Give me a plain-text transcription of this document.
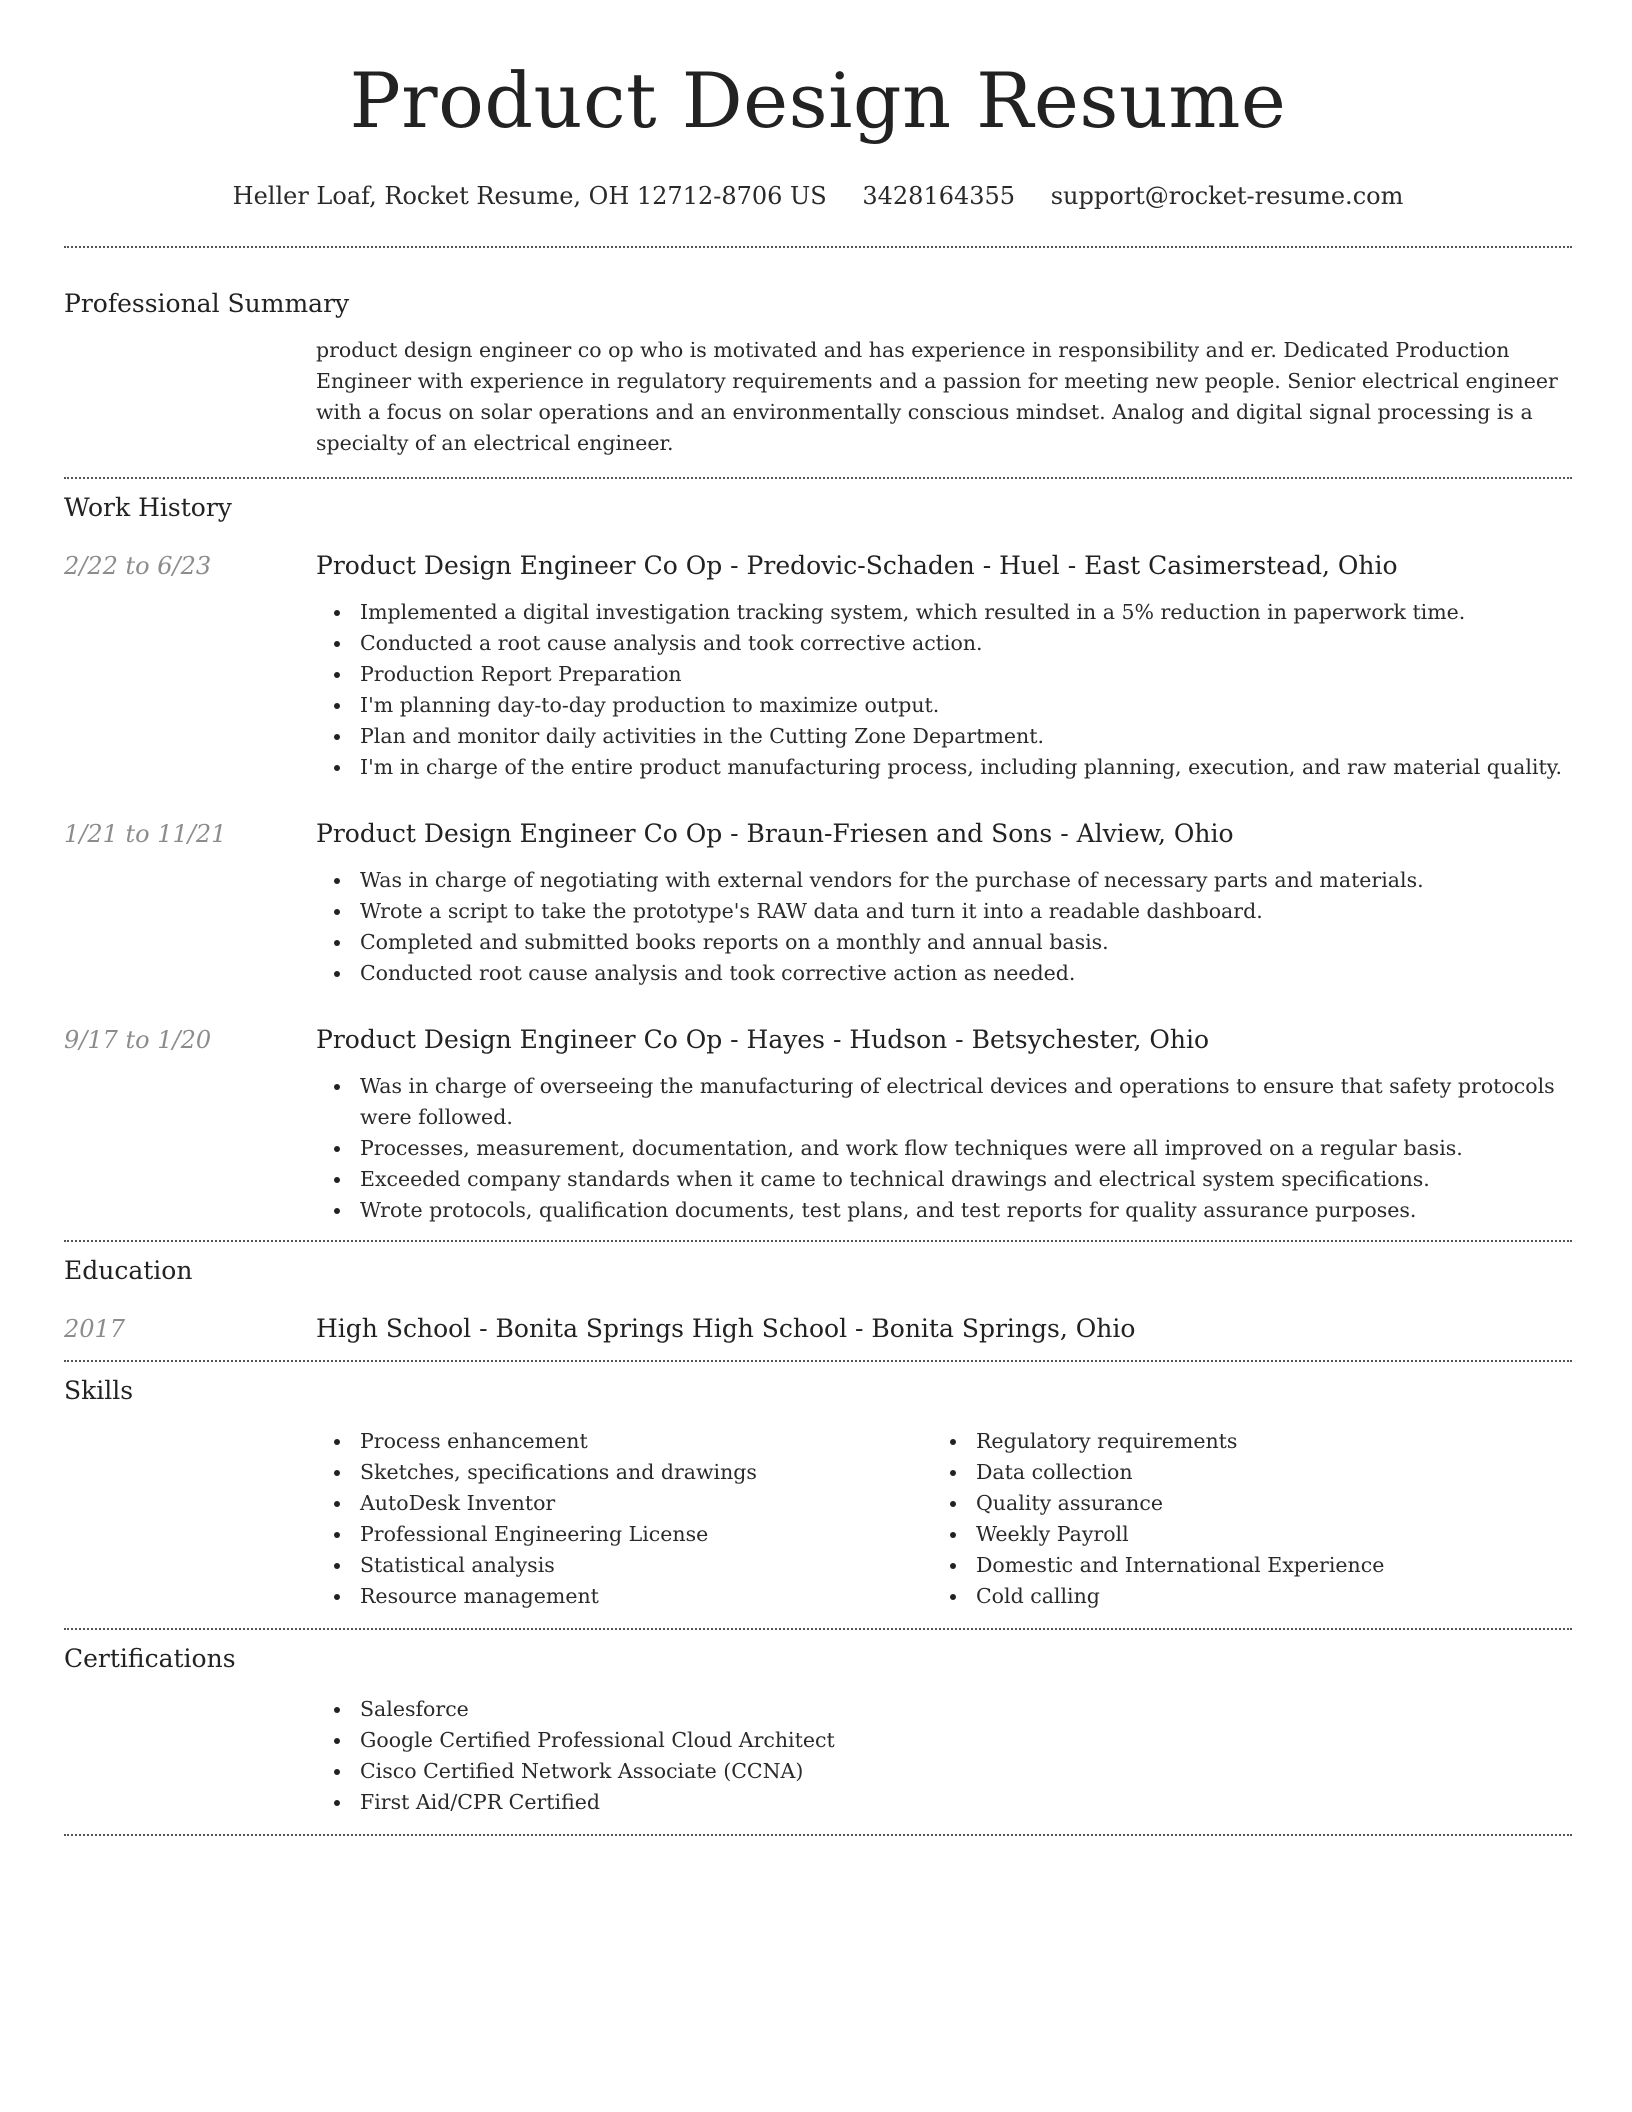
Product Design Resume
Heller Loaf, Rocket Resume, OH 12712-8706 US 3428164355 support@rocket-resume.com
Professional Summary

product design engineer co op who is motivated and has experience in responsibility and er. Dedicated Production Engineer with experience in regulatory requirements and a passion for meeting new people. Senior electrical engineer with a focus on solar operations and an environmentally conscious mindset. Analog and digital signal processing is a specialty of an electrical engineer.

Work History
2/22 to 6/23	Product Design Engineer Co Op - Predovic-Schaden - Huel - East Casimerstead, Ohio
Implemented a digital investigation tracking system, which resulted in a 5% reduction in paperwork time.
Conducted a root cause analysis and took corrective action.
Production Report Preparation
I'm planning day-to-day production to maximize output.
Plan and monitor daily activities in the Cutting Zone Department.
I'm in charge of the entire product manufacturing process, including planning, execution, and raw material quality.
1/21 to 11/21	Product Design Engineer Co Op - Braun-Friesen and Sons - Alview, Ohio
Was in charge of negotiating with external vendors for the purchase of necessary parts and materials.
Wrote a script to take the prototype's RAW data and turn it into a readable dashboard.
Completed and submitted books reports on a monthly and annual basis.
Conducted root cause analysis and took corrective action as needed.
9/17 to 1/20	Product Design Engineer Co Op - Hayes - Hudson - Betsychester, Ohio
Was in charge of overseeing the manufacturing of electrical devices and operations to ensure that safety protocols were followed.
Processes, measurement, documentation, and work flow techniques were all improved on a regular basis.
Exceeded company standards when it came to technical drawings and electrical system specifications.
Wrote protocols, qualification documents, test plans, and test reports for quality assurance purposes.
Education
2017	High School - Bonita Springs High School - Bonita Springs, Ohio
Skills
Process enhancement
Sketches, specifications and drawings
AutoDesk Inventor
Professional Engineering License
Statistical analysis
Resource management
Regulatory requirements
Data collection
Quality assurance
Weekly Payroll
Domestic and International Experience
Cold calling
Certifications
Salesforce
Google Certified Professional Cloud Architect
Cisco Certified Network Associate (CCNA)
First Aid/CPR Certified
